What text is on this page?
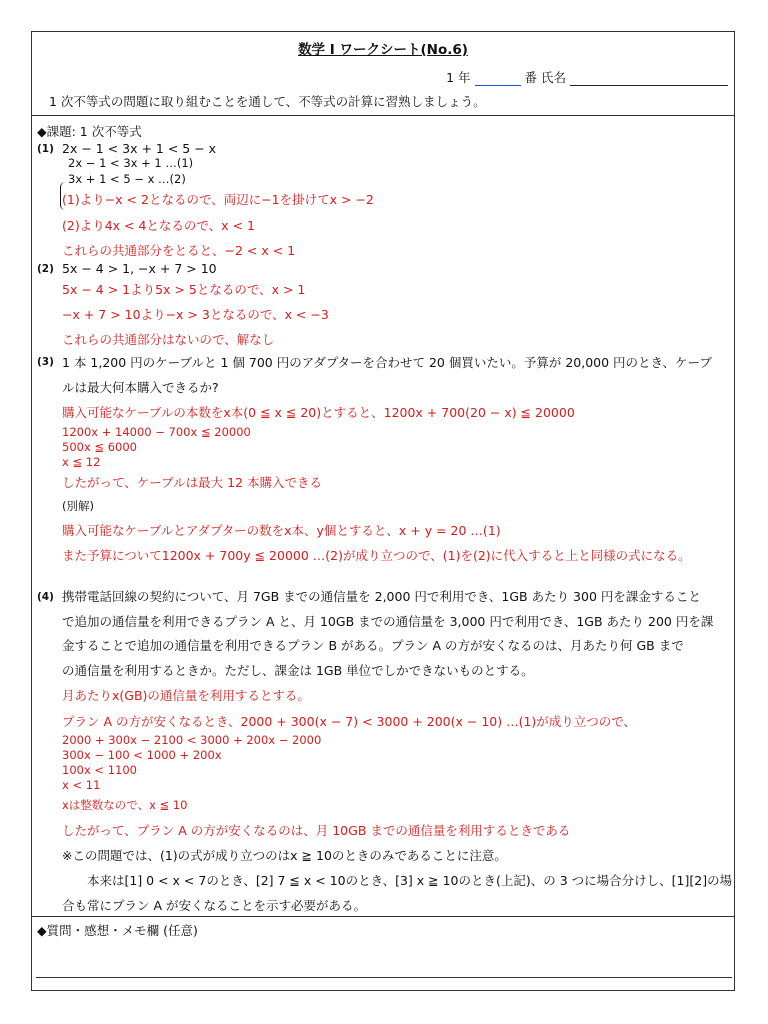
数学 I ワークシート(No.6)
1 年	番 氏名
1 次不等式の問題に取り組むことを通して、不等式の計算に習熟しましょう。
◆課題: 1 次不等式
(1) 2x − 1 < 3x + 1 < 5 − x
2x − 1 < 3x + 1 …(1)
3x + 1 < 5 − x …(2)
(1)より−x < 2となるので、両辺に−1を掛けてx > −2
(2)より4x < 4となるので、x < 1
これらの共通部分をとると、−2 < x < 1
(2) 5x − 4 > 1, −x + 7 > 10
5x − 4 > 1より5x > 5となるので、x > 1
−x + 7 > 10より−x > 3となるので、x < −3
これらの共通部分はないので、解なし
(3) 1 本 1,200 円のケーブルと 1 個 700 円のアダプターを合わせて 20 個買いたい。予算が 20,000 円のとき、ケーブ
ルは最大何本購入できるか?
購入可能なケーブルの本数をx本(0 ≦ x ≦ 20)とすると、1200x + 700(20 − x) ≦ 20000
1200x + 14000 − 700x ≦ 20000
500x ≦ 6000
x ≦ 12
したがって、ケーブルは最大 12 本購入できる
(別解)
購入可能なケーブルとアダプターの数をx本、y個とすると、x + y = 20 …(1)
また予算について1200x + 700y ≦ 20000 …(2)が成り立つので、(1)を(2)に代入すると上と同様の式になる。
(4) 携帯電話回線の契約について、月 7GB までの通信量を 2,000 円で利用でき、1GB あたり 300 円を課金すること
で追加の通信量を利用できるプラン A と、月 10GB までの通信量を 3,000 円で利用でき、1GB あたり 200 円を課
金することで追加の通信量を利用できるプラン B がある。プラン A の方が安くなるのは、月あたり何 GB まで
の通信量を利用するときか。ただし、課金は 1GB 単位でしかできないものとする。
月あたりx(GB)の通信量を利用するとする。
プラン A の方が安くなるとき、2000 + 300(x − 7) < 3000 + 200(x − 10) …(1)が成り立つので、
2000 + 300x − 2100 < 3000 + 200x − 2000
300x − 100 < 1000 + 200x
100x < 1100
x < 11
xは整数なので、x ≦ 10
したがって、プラン A の方が安くなるのは、月 10GB までの通信量を利用するときである
※この問題では、(1)の式が成り立つのはx ≧ 10のときのみであることに注意。
本来は[1] 0 < x < 7のとき、[2] 7 ≦ x < 10のとき、[3] x ≧ 10のとき(上記)、の 3 つに場合分けし、[1][2]の場
合も常にプラン A が安くなることを示す必要がある。
◆質問・感想・メモ欄 (任意)
